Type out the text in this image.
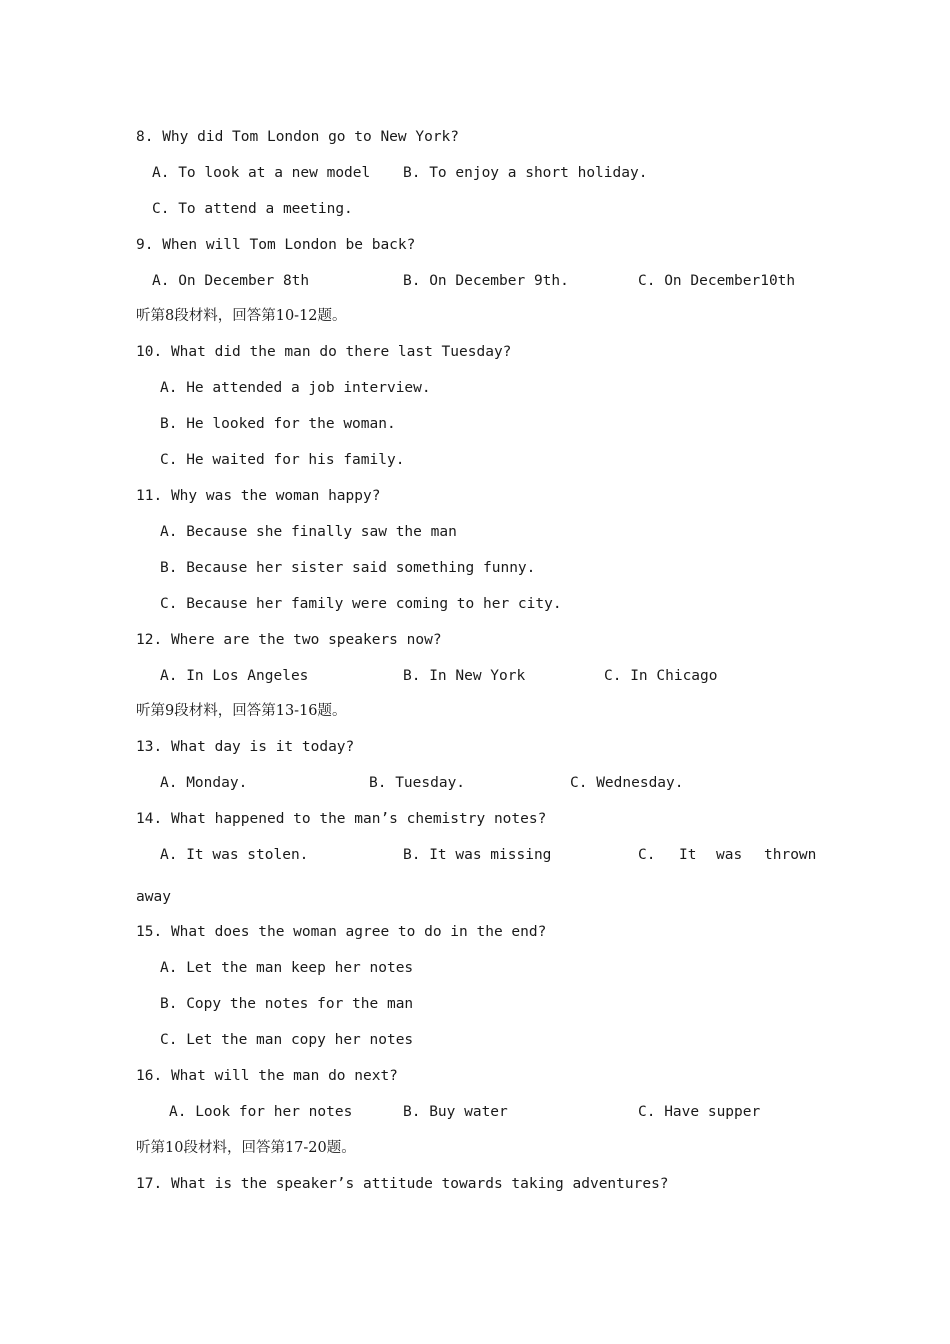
8. Why did Tom London go to New York?
A. To look at a new model B. To enjoy a short holiday.
C. To attend a meeting.
9. When will Tom London be back?
A. On December 8th	B. On December 9th.	C. On December10th
听第8段材料，回答第10-12题。
10. What did the man do there last Tuesday?
A. He attended a job interview.
B. He looked for the woman.
C. He waited for his family.
11. Why was the woman happy?
A. Because she finally saw the man
B. Because her sister said something funny.
C. Because her family were coming to her city.
12. Where are the two speakers now?
A. In Los Angeles	B. In New York	C. In Chicago
听第9段材料，回答第13-16题。
13. What day is it today?
A. Monday.	B. Tuesday.	C. Wednesday.
14. What happened to the man’s chemistry notes?
A. It was stolen.	B. It was missing	C. It was thrown
away
15. What does the woman agree to do in the end?
A. Let the man keep her notes
B. Copy the notes for the man
C. Let the man copy her notes
16. What will the man do next?
A. Look for her notes	B. Buy water	C. Have supper
听第10段材料，回答第17-20题。
17. What is the speaker’s attitude towards taking adventures?
